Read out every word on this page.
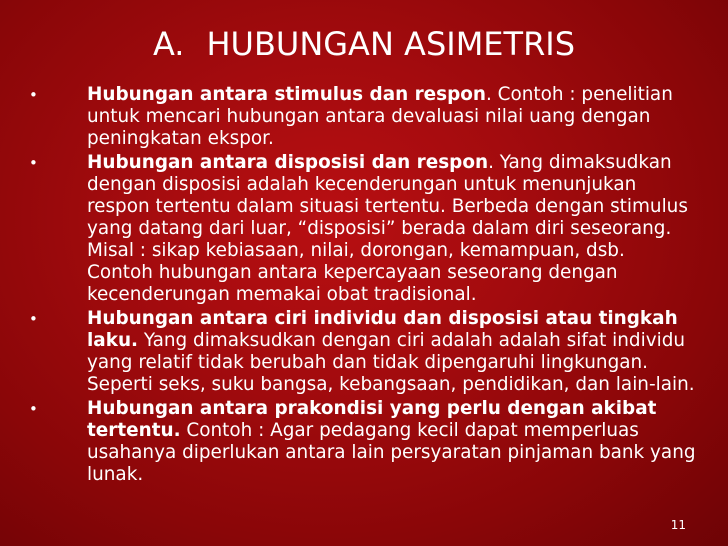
A. HUBUNGAN ASIMETRIS
•	Hubungan antara stimulus dan respon. Contoh : penelitian untuk mencari hubungan antara devaluasi nilai uang dengan peningkatan ekspor.
•	Hubungan antara disposisi dan respon. Yang dimaksudkan dengan disposisi adalah kecenderungan untuk menunjukan respon tertentu dalam situasi tertentu. Berbeda dengan stimulus yang datang dari luar, “disposisi” berada dalam diri seseorang. Misal : sikap kebiasaan, nilai, dorongan, kemampuan, dsb. Contoh hubungan antara kepercayaan seseorang dengan kecenderungan memakai obat tradisional.
•	Hubungan antara ciri individu dan disposisi atau tingkah laku. Yang dimaksudkan dengan ciri adalah adalah sifat individu yang relatif tidak berubah dan tidak dipengaruhi lingkungan. Seperti seks, suku bangsa, kebangsaan, pendidikan, dan lain-lain.
•	Hubungan antara prakondisi yang perlu dengan akibat tertentu. Contoh : Agar pedagang kecil dapat memperluas usahanya diperlukan antara lain persyaratan pinjaman bank yang lunak.
11
